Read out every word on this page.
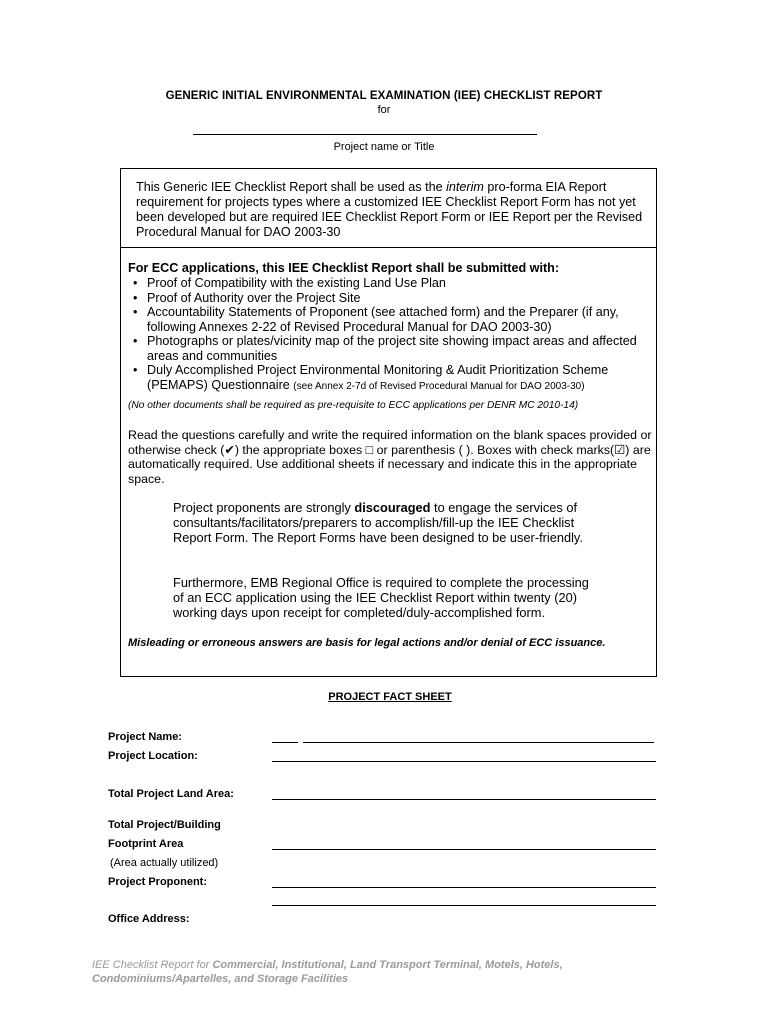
GENERIC INITIAL ENVIRONMENTAL EXAMINATION (IEE) CHECKLIST REPORT
for
Project name or Title
This Generic IEE Checklist Report shall be used as the interim pro-forma EIA Report requirement for projects types where a customized IEE Checklist Report Form has not yet been developed but are required IEE Checklist Report Form or IEE Report per the Revised Procedural Manual for DAO 2003-30
For ECC applications, this IEE Checklist Report shall be submitted with:
• Proof of Compatibility with the existing Land Use Plan
• Proof of Authority over the Project Site
• Accountability Statements of Proponent (see attached form) and the Preparer (if any, following Annexes 2-22 of Revised Procedural Manual for DAO 2003-30)
• Photographs or plates/vicinity map of the project site showing impact areas and affected areas and communities
• Duly Accomplished Project Environmental Monitoring & Audit Prioritization Scheme (PEMAPS) Questionnaire (see Annex 2-7d of Revised Procedural Manual for DAO 2003-30)
(No other documents shall be required as pre-requisite to ECC applications per DENR MC 2010-14)
Read the questions carefully and write the required information on the blank spaces provided or otherwise check (✔) the appropriate boxes □ or parenthesis ( ). Boxes with check marks(☑) are automatically required. Use additional sheets if necessary and indicate this in the appropriate space.
Project proponents are strongly discouraged to engage the services of consultants/facilitators/preparers to accomplish/fill-up the IEE Checklist Report Form. The Report Forms have been designed to be user-friendly.
Furthermore, EMB Regional Office is required to complete the processing of an ECC application using the IEE Checklist Report within twenty (20) working days upon receipt for completed/duly-accomplished form.
Misleading or erroneous answers are basis for legal actions and/or denial of ECC issuance.
PROJECT FACT SHEET
Project Name:
Project Location:
Total Project Land Area:
Total Project/Building
Footprint Area
(Area actually utilized)
Project Proponent:
Office Address:
IEE Checklist Report for Commercial, Institutional, Land Transport Terminal, Motels, Hotels, Condominiums/Apartelles, and Storage Facilities
